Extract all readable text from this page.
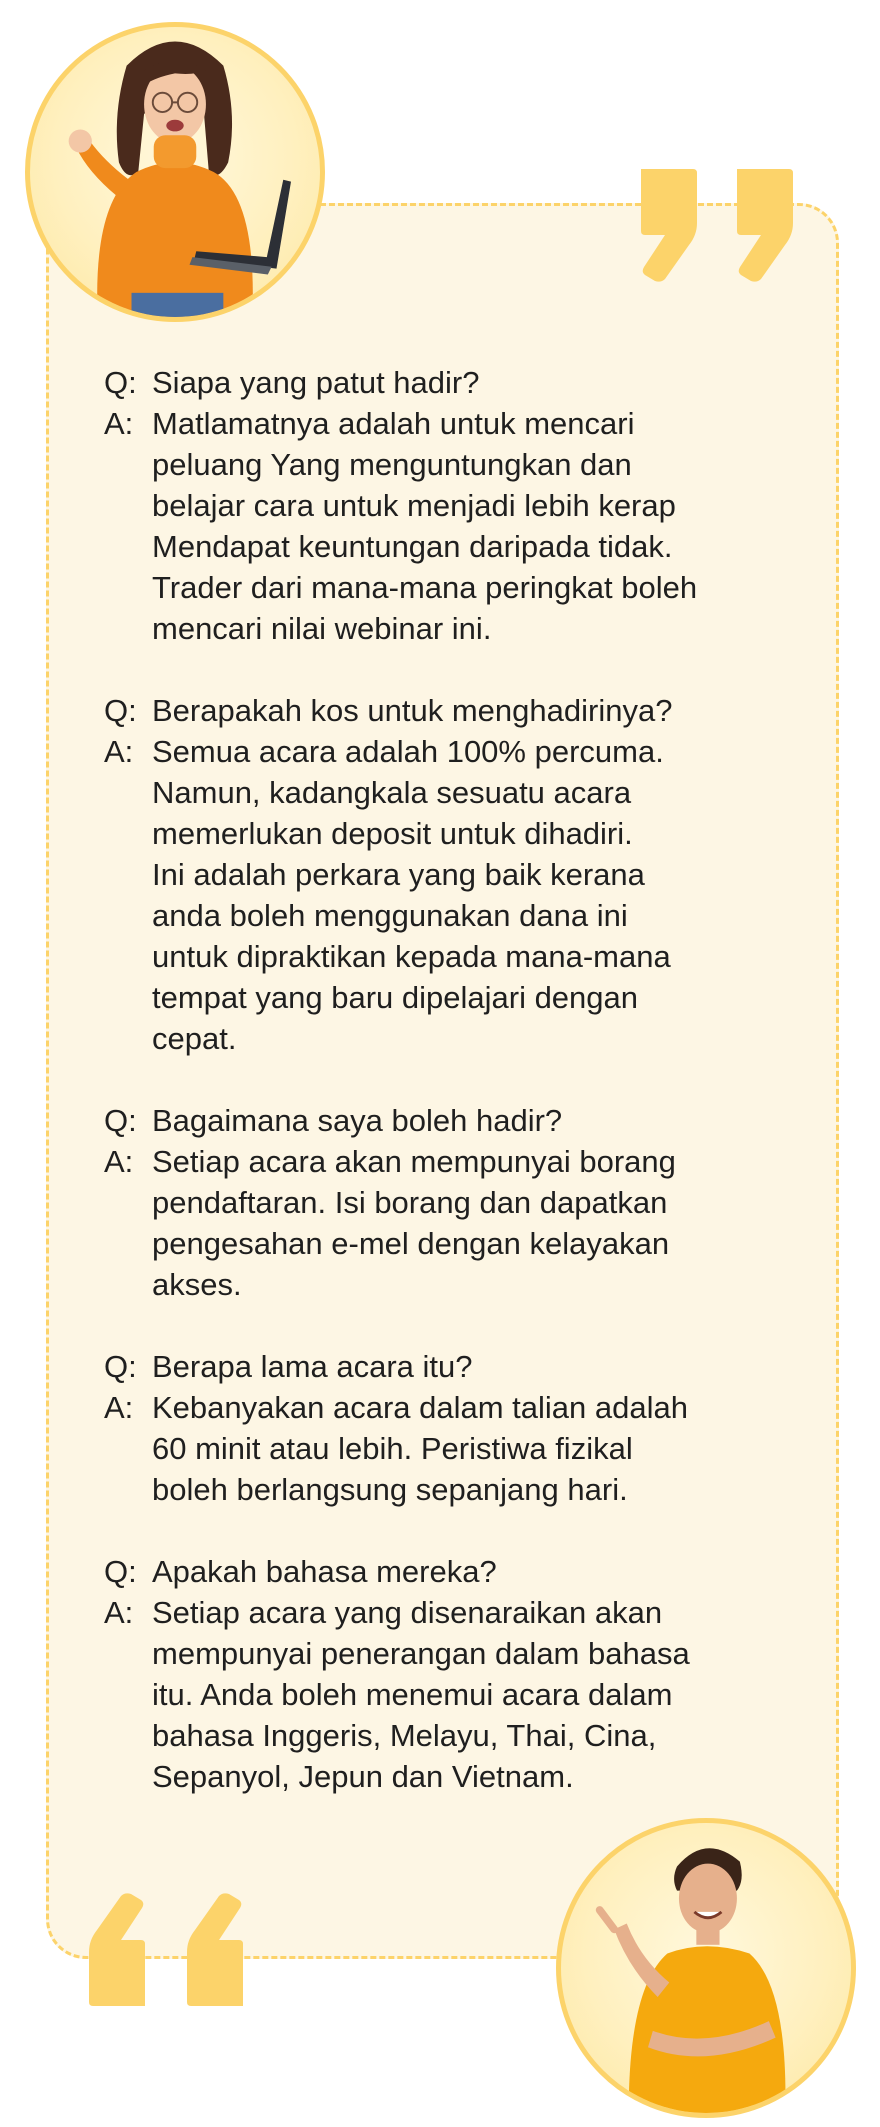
Q: Siapa yang patut hadir?
A: Matlamatnya adalah untuk mencari
peluang Yang menguntungkan dan
belajar cara untuk menjadi lebih kerap
Mendapat keuntungan daripada tidak.
Trader dari mana-mana peringkat boleh
mencari nilai webinar ini.
Q: Berapakah kos untuk menghadirinya?
A: Semua acara adalah 100% percuma.
Namun, kadangkala sesuatu acara
memerlukan deposit untuk dihadiri.
Ini adalah perkara yang baik kerana
anda boleh menggunakan dana ini
untuk dipraktikan kepada mana-mana
tempat yang baru dipelajari dengan
cepat.
Q: Bagaimana saya boleh hadir?
A: Setiap acara akan mempunyai borang
pendaftaran. Isi borang dan dapatkan
pengesahan e-mel dengan kelayakan
akses.
Q: Berapa lama acara itu?
A: Kebanyakan acara dalam talian adalah
60 minit atau lebih. Peristiwa fizikal
boleh berlangsung sepanjang hari.
Q: Apakah bahasa mereka?
A: Setiap acara yang disenaraikan akan
mempunyai penerangan dalam bahasa
itu. Anda boleh menemui acara dalam
bahasa Inggeris, Melayu, Thai, Cina,
Sepanyol, Jepun dan Vietnam.
